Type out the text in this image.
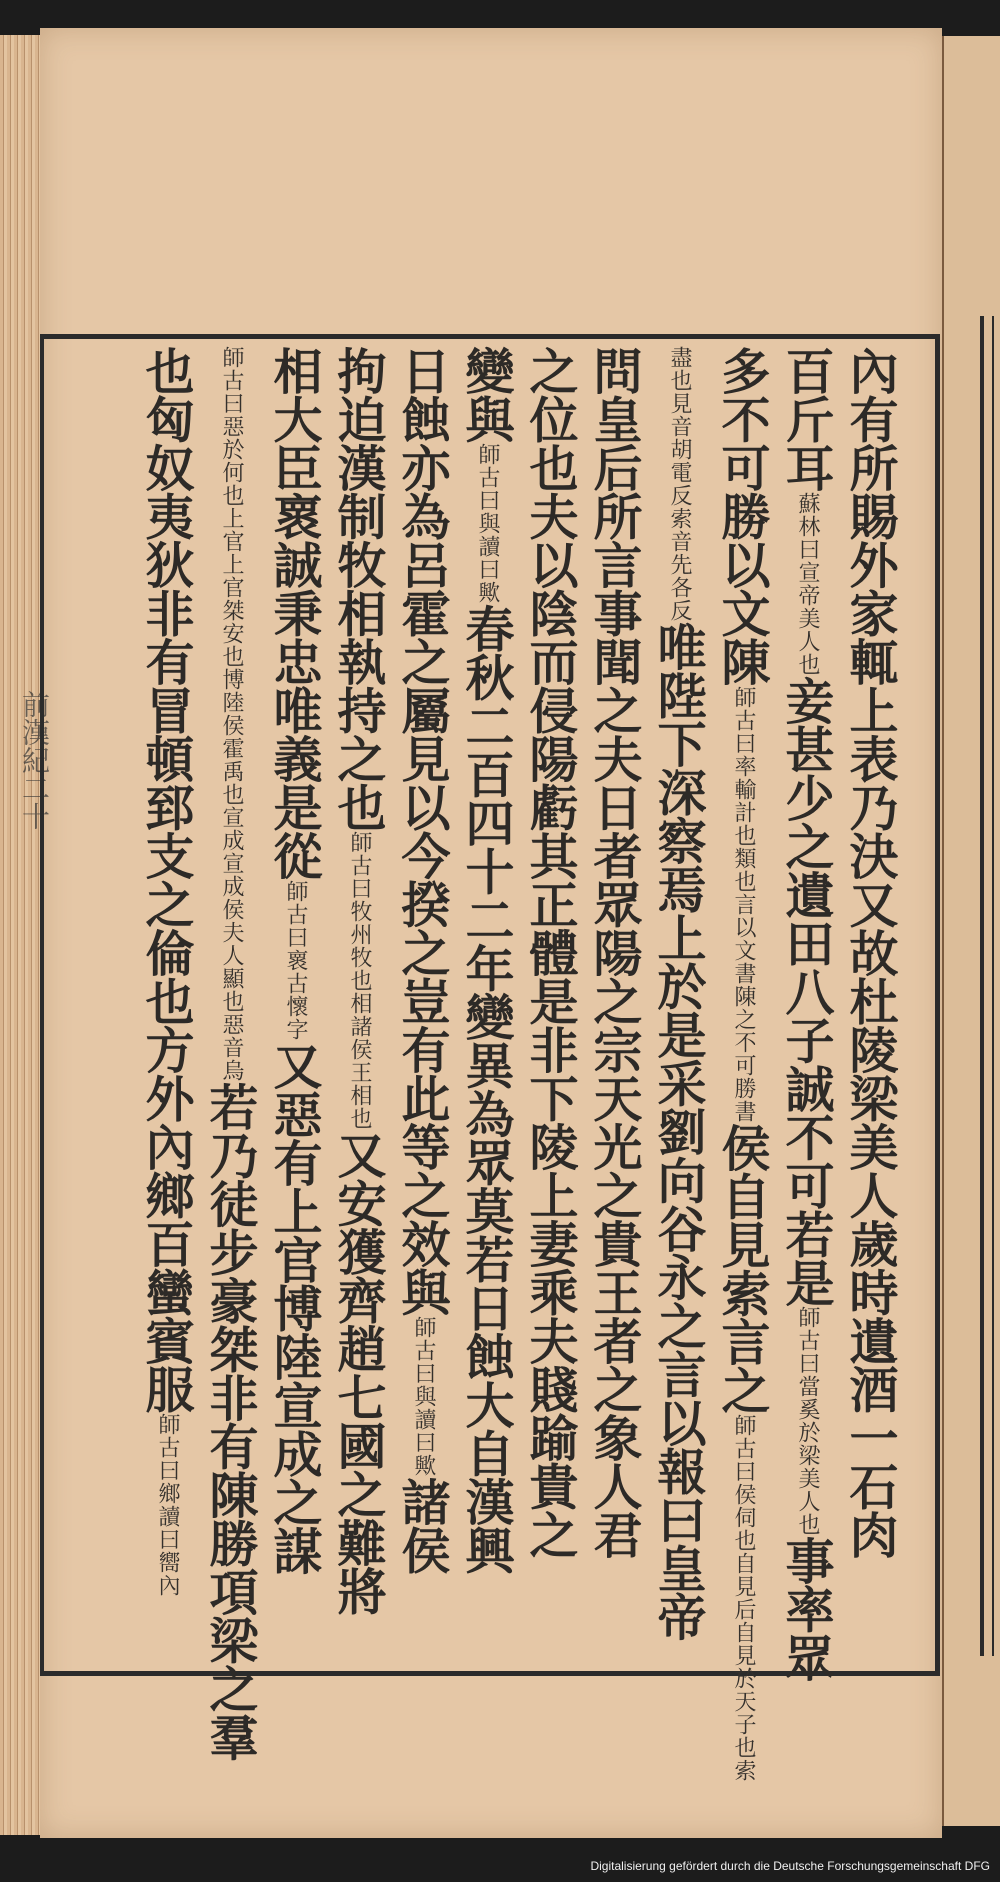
前漢紀二十	內有所賜外家輒上表乃決又故杜陵梁美人歲時遺酒一石肉
百斤耳
蘇林曰宣帝美人也
妾甚少之遺田八子誠不可若是
師古曰當奚於梁美人也
事率眾
多不可勝以文陳
師古曰率輸計也類也言以文書陳之不可勝書
侯自見索言之
師古曰侯伺也自見后自見於天子也索
盡也見音胡電反索音先各反
唯陛下深察焉上於是采劉向谷永之言以報曰皇帝
問皇后所言事聞之夫日者眾陽之宗天光之貴王者之象人君
之位也夫以陰而侵陽虧其正體是非下陵上妻乘夫賤踰貴之
變與
師古曰與讀曰歟
春秋二百四十二年變異為眾莫若日蝕大自漢興
日蝕亦為呂霍之屬見以今揆之豈有此等之效與
師古曰與讀曰歟
諸侯
拘迫漢制牧相執持之也
師古曰牧州牧也相諸侯王相也
又安獲齊趙七國之難將
相大臣褱誠秉忠唯義是從
師古曰褱古懷字
又惡有上官博陸宣成之謀
師古曰惡於何也上官上官桀安也博陸侯霍禹也宣成宣成侯夫人顯也惡音烏
若乃徒步豪桀非有陳勝項梁之羣
也匈奴夷狄非有冒頓郅支之倫也方外內鄉百蠻賓服
師古曰鄉讀曰嚮內
Digitalisierung gefördert durch die Deutsche Forschungsgemeinschaft DFG
